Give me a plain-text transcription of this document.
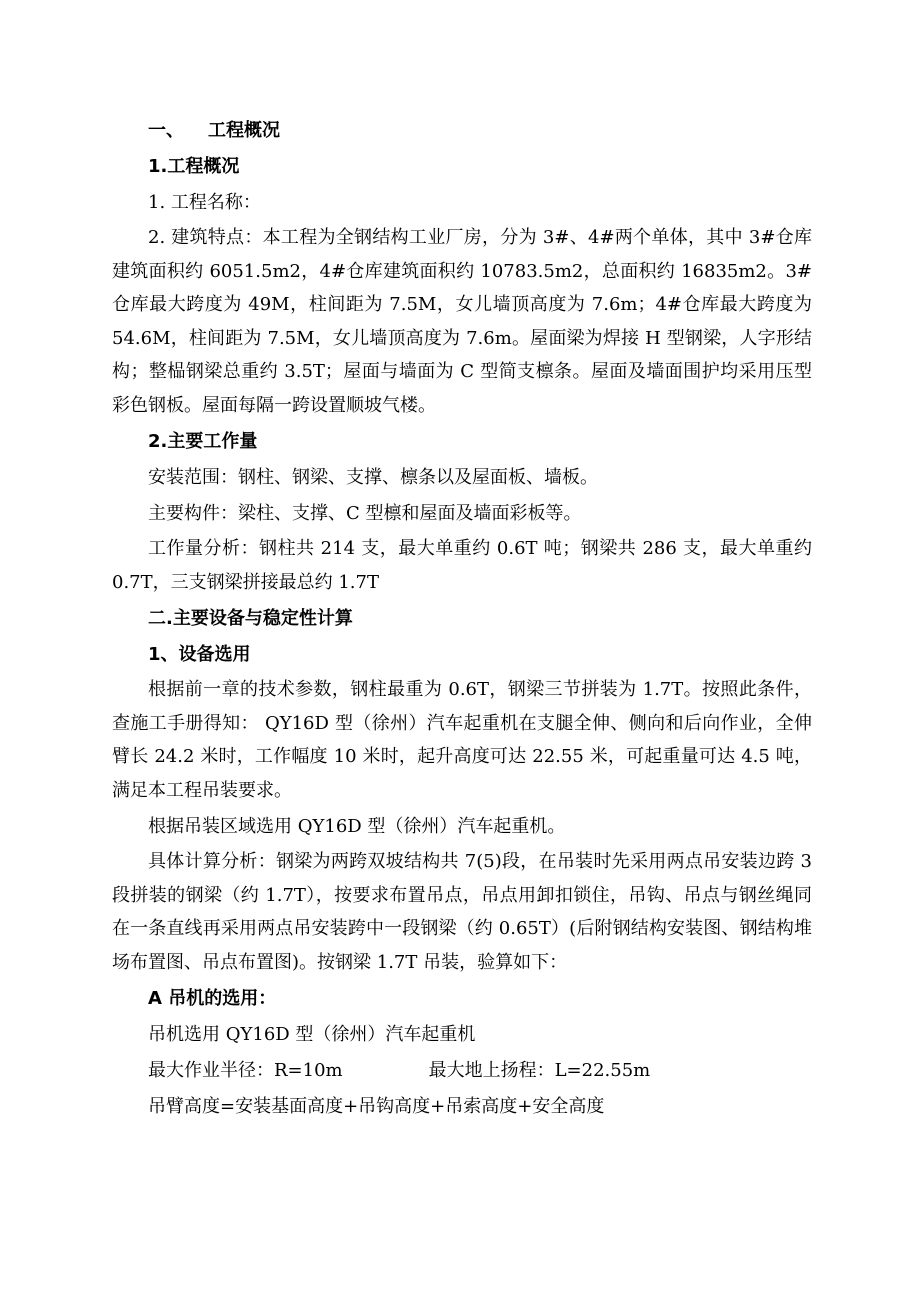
一、 工程概况
1.工程概况
1. 工程名称：

2. 建筑特点：本工程为全钢结构工业厂房，分为 3#、4#两个单体，其中 3#仓库建筑面积约 6051.5m2，4#仓库建筑面积约 10783.5m2，总面积约 16835m2。3#仓库最大跨度为 49M，柱间距为 7.5M，女儿墙顶高度为 7.6m；4#仓库最大跨度为 54.6M，柱间距为 7.5M，女儿墙顶高度为 7.6m。屋面梁为焊接 H 型钢梁，人字形结构；整榀钢梁总重约 3.5T；屋面与墙面为 C 型简支檩条。屋面及墙面围护均采用压型彩色钢板。屋面每隔一跨设置顺坡气楼。

2.主要工作量
安装范围：钢柱、钢梁、支撑、檩条以及屋面板、墙板。
主要构件：梁柱、支撑、C 型檩和屋面及墙面彩板等。

工作量分析：钢柱共 214 支，最大单重约 0.6T 吨；钢梁共 286 支，最大单重约 0.7T，三支钢梁拼接最总约 1.7T

二.主要设备与稳定性计算
1、设备选用

根据前一章的技术参数，钢柱最重为 0.6T，钢梁三节拼装为 1.7T。按照此条件，查施工手册得知： QY16D 型（徐州）汽车起重机在支腿全伸、侧向和后向作业，全伸臂长 24.2 米时，工作幅度 10 米时，起升高度可达 22.55 米，可起重量可达 4.5 吨，满足本工程吊装要求。

根据吊装区域选用 QY16D 型（徐州）汽车起重机。

具体计算分析：钢梁为两跨双坡结构共 7(5)段，在吊装时先采用两点吊安装边跨 3 段拼装的钢梁（约 1.7T），按要求布置吊点，吊点用卸扣锁住，吊钩、吊点与钢丝绳同在一条直线再采用两点吊安装跨中一段钢梁（约 0.65T）(后附钢结构安装图、钢结构堆场布置图、吊点布置图)。按钢梁 1.7T 吊装，验算如下：

A 吊机的选用：
吊机选用 QY16D 型（徐州）汽车起重机
最大作业半径：R=10m	最大地上扬程：L=22.55m
吊臂高度=安装基面高度+吊钩高度+吊索高度+安全高度
